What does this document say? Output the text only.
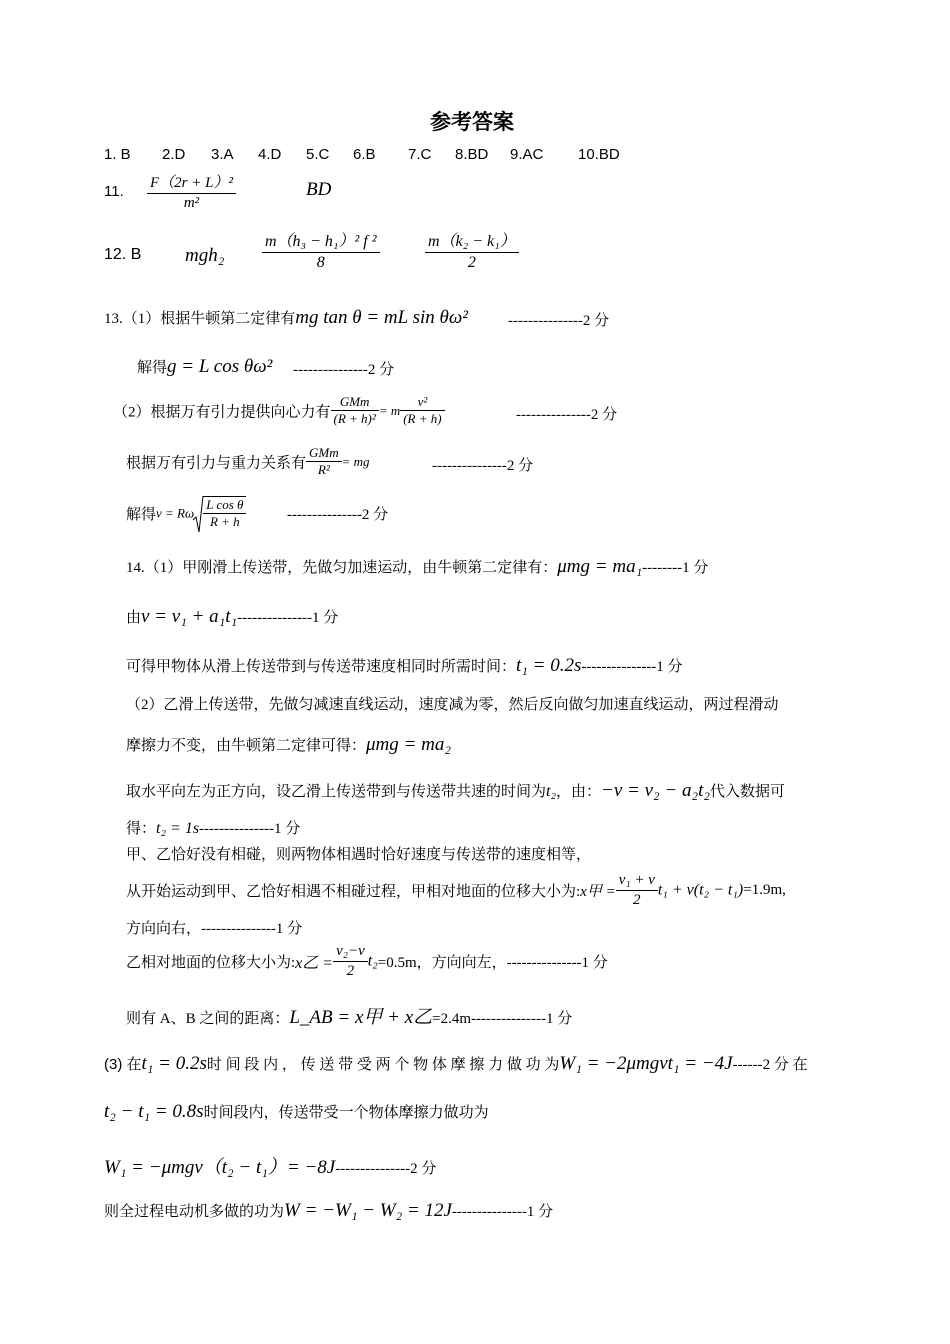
参考答案
1. B 2.D 3.A 4.D 5.C 6.B 7.C 8.BD 9.AC 10.BD
11. $\frac{\text{F（2r + L）²}}{\text{m²}}$	BD
12. B $mgh_2 \frac{\text{m（h₃ − h₁）² f ²}}{8}$	$\frac{\text{m（k₂ − k₁）}}{2}$
13.（1）根据牛顿第二定律有mg tan θ = mL sin θω²	---------------2 分
解得g = L cos θω² ---------------2 分
（2）根据万有引力提供向心力有 $\frac{\text{GMm}}{\text{(R + h)²}} = m \frac{\text{v²}}{(R + h)}$	---------------2 分
根据万有引力与重力关系有 $\frac{\text{GMm}}{\text{R²}}$ = mg	---------------2 分
解得v = Rω $\frac{\text{L cos θ}}{R + h}$	---------------2 分
14.（1）甲刚滑上传送带，先做匀加速运动，由牛顿第二定律有：μmg = ma₁--------1 分
由v = v₁ + a₁t₁---------------1 分
可得甲物体从滑上传送带到与传送带速度相同时所需时间：t₁ = 0.2s---------------1 分
（2）乙滑上传送带，先做匀减速直线运动，速度减为零，然后反向做匀加速直线运动，两过程滑动
摩擦力不变，由牛顿第二定律可得：μmg = ma₂
取水平向左为正方向，设乙滑上传送带到与传送带共速的时间为t₂，由：−v = v₂ − a₂t₂代入数据可
得：t₂ = 1s---------------1 分
甲、乙恰好没有相碰，则两物体相遇时恰好速度与传送带的速度相等，
从开始运动到甲、乙恰好相遇不相碰过程，甲相对地面的位移大小为:x甲 = $\frac{\text{v₁ + v}}{2} t_1 + v(t_2 - t_1)=1.9m$,
方向向右，---------------1 分
乙相对地面的位移大小为:x乙 = $\frac{\text{v₂−v}}{2} t_2=0.5m$，方向向左，---------------1 分
则有 A、B 之间的距离：L_AB = x甲 + x乙=2.4m---------------1 分
(3) 在t₁ = 0.2s时 间 段 内 ， 传 送 带 受 两 个 物 体 摩 擦 力 做 功 为W₁ = −2μmgvt₁ = −4J------2 分 在
t₂ − t₁ = 0.8s时间段内，传送带受一个物体摩擦力做功为
W₁ = −μmgv（t₂ − t₁）= −8J---------------2 分
则全过程电动机多做的功为W = −W₁ − W₂ = 12J---------------1 分
